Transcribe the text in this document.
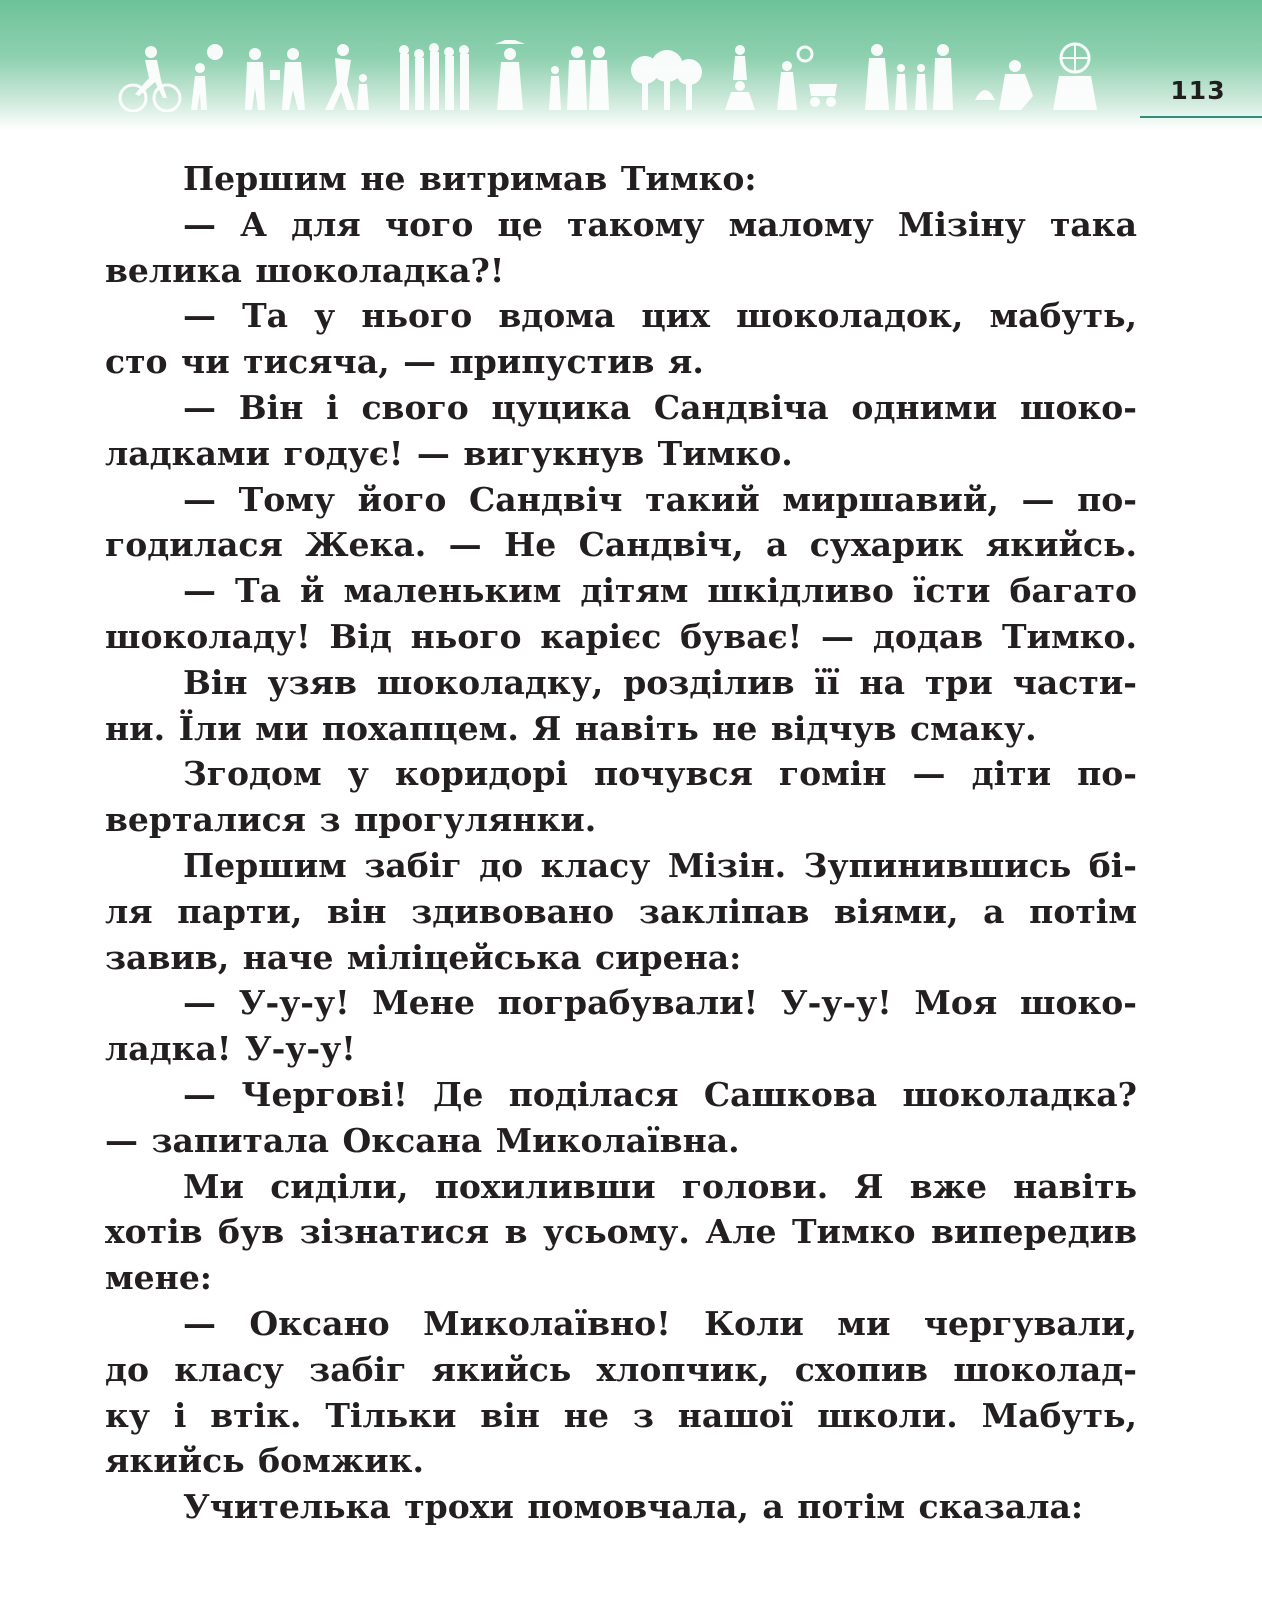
113
Першим не витримав Тимко:
— А для чого це такому малому Мізіну така
велика шоколадка?!
— Та у нього вдома цих шоколадок, мабуть,
сто чи тисяча, — припустив я.
— Він і свого цуцика Сандвіча одними шоко-
ладками годує! — вигукнув Тимко.
— Тому його Сандвіч такий миршавий, — по-
годилася Жека. — Не Сандвіч, а сухарик якийсь.
— Та й маленьким дітям шкідливо їсти багато
шоколаду! Від нього карієс буває! — додав Тимко.
Він узяв шоколадку, розділив її на три части-
ни. Їли ми похапцем. Я навіть не відчув смаку.
Згодом у коридорі почувся гомін — діти по-
верталися з прогулянки.
Першим забіг до класу Мізін. Зупинившись бі-
ля парти, він здивовано закліпав віями, а потім
завив, наче міліцейська сирена:
— У-у-у! Мене пограбували! У-у-у! Моя шоко-
ладка! У-у-у!
— Чергові! Де поділася Сашкова шоколадка?
— запитала Оксана Миколаївна.
Ми сиділи, похиливши голови. Я вже навіть
хотів був зізнатися в усьому. Але Тимко випередив
мене:
— Оксано Миколаївно! Коли ми чергували,
до класу забіг якийсь хлопчик, схопив шоколад-
ку і втік. Тільки він не з нашої школи. Мабуть,
якийсь бомжик.
Учителька трохи помовчала, а потім сказала:
